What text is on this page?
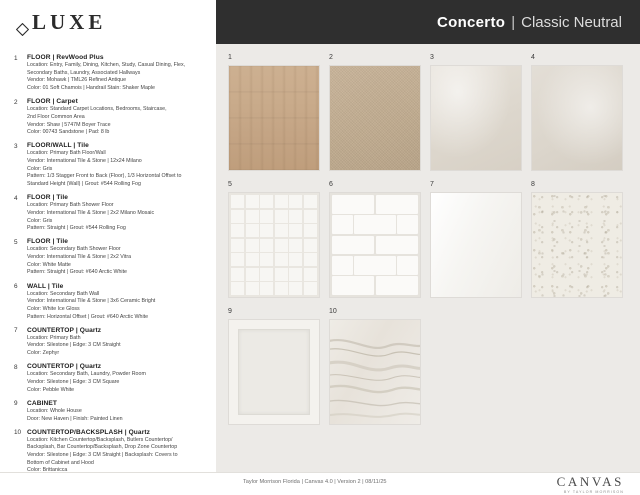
LUXE	Concerto | Classic Neutral
1	FLOOR | RevWood Plus
Location: Entry, Family, Dining, Kitchen, Study, Casual Dining, Flex,
Secondary Baths, Laundry, Associated Hallways
Vendor: Mohawk | TML26 Refined Antique
Color: 01 Soft Chamois | Handrail Stain: Shaker Maple
2	FLOOR | Carpet
Location: Standard Carpet Locations, Bedrooms, Staircase,
2nd Floor Common Area
Vendor: Shaw | 5747M Boyer Trace
Color: 00743 Sandstone | Pad: 8 lb
3	FLOOR/WALL | Tile
Location: Primary Bath Floor/Wall
Vendor: International Tile & Stone | 12x24 Milano
Color: Gris
Pattern: 1/3 Stagger Front to Back (Floor), 1/3 Horizontal Offset to
Standard Height (Wall) | Grout: #544 Rolling Fog
4	FLOOR | Tile
Location: Primary Bath Shower Floor
Vendor: International Tile & Stone | 2x2 Milano Mosaic
Color: Gris
Pattern: Straight | Grout: #544 Rolling Fog
5	FLOOR | Tile
Location: Secondary Bath Shower Floor
Vendor: International Tile & Stone | 2x2 Vitra
Color: White Matte
Pattern: Straight | Grout: #640 Arctic White
6	WALL | Tile
Location: Secondary Bath Wall
Vendor: International Tile & Stone | 3x6 Ceramic Bright
Color: White Ice Gloss
Pattern: Horizontal Offset | Grout: #640 Arctic White
7	COUNTERTOP | Quartz
Location: Primary Bath
Vendor: Silestone | Edge: 3 CM Straight
Color: Zephyr
8	COUNTERTOP | Quartz
Location: Secondary Bath, Laundry, Powder Room
Vendor: Silestone | Edge: 3 CM Square
Color: Pebble White
9	CABINET
Location: Whole House
Door: New Haven | Finish: Painted Linen
10 COUNTERTOP/BACKSPLASH | Quartz
Location: Kitchen Countertop/Backsplash, Butlers Countertop/
Backsplash, Bar Countertop/Backsplash, Drop Zone Countertop
Vendor: Silestone | Edge: 3 CM Straight | Backsplash: Covers to
Bottom of Cabinet and Hood
Color: Brittanicca
1	2	3	4
5	6	7	8
9	10
Taylor Morrison Florida | Canvas 4.0 | Version 2 | 08/11/25	CANVAS
BY TAYLOR MORRISON
